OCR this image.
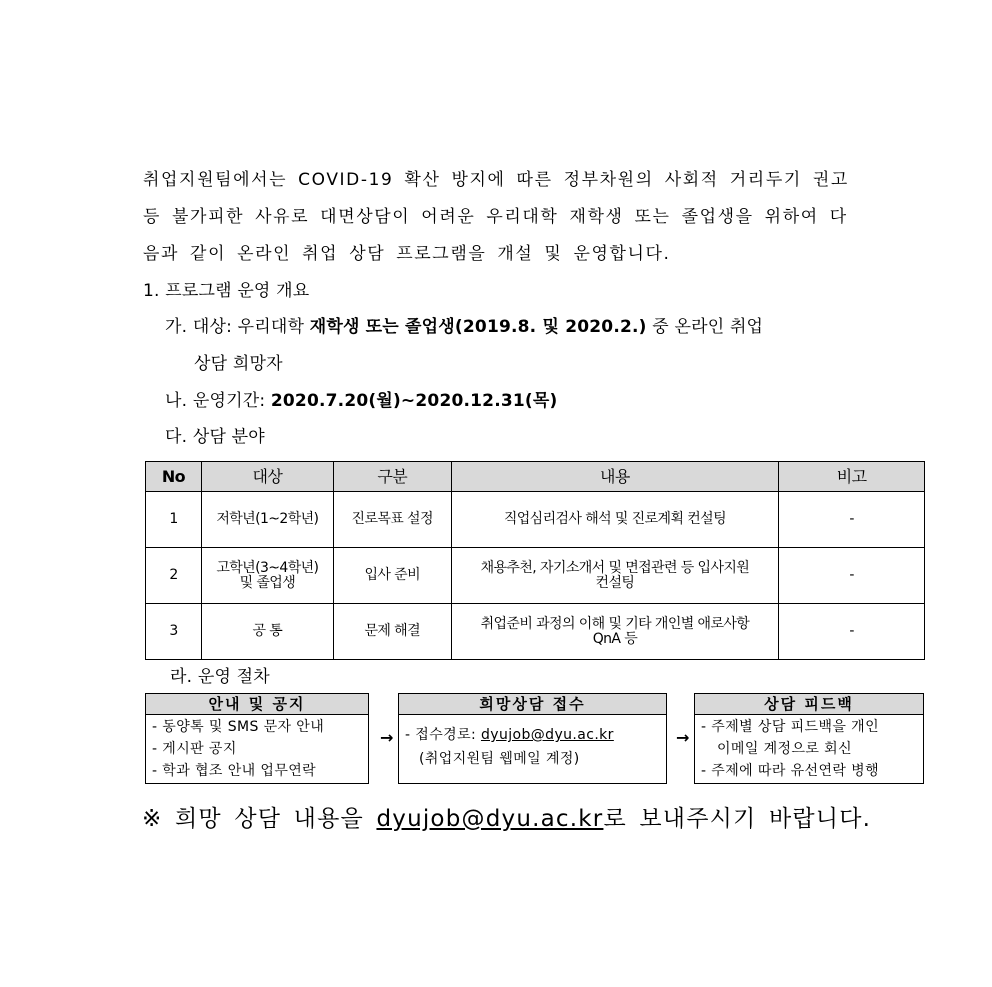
취업지원팀에서는 COVID-19 확산 방지에 따른 정부차원의 사회적 거리두기 권고
등 불가피한 사유로 대면상담이 어려운 우리대학 재학생 또는 졸업생을 위하여 다
음과 같이 온라인 취업 상담 프로그램을 개설 및 운영합니다.
1. 프로그램 운영 개요
가. 대상: 우리대학 재학생 또는 졸업생(2019.8. 및 2020.2.) 중 온라인 취업
상담 희망자
나. 운영기간: 2020.7.20(월)~2020.12.31(목)
다. 상담 분야
No	대상	구분	내용	비고
1	저학년(1~2학년)	진로목표 설정	직업심리검사 해석 및 진로계획 컨설팅	-
2	고학년(3~4학년) 및 졸업생	입사 준비	채용추천, 자기소개서 및 면접관련 등 입사지원 컨설팅	-
3	공 통	문제 해결	취업준비 과정의 이해 및 기타 개인별 애로사항 QnA 등	-
라. 운영 절차
안내 및 공지
- 동양톡 및 SMS 문자 안내
- 게시판 공지
- 학과 협조 안내 업무연락
→
희망상담 접수
- 접수경로: dyujob@dyu.ac.kr
(취업지원팀 웹메일 계정)
→
상담 피드백
- 주제별 상담 피드백을 개인
이메일 계정으로 회신
- 주제에 따라 유선연락 병행
※ 희망 상담 내용을 dyujob@dyu.ac.kr로 보내주시기 바랍니다.
